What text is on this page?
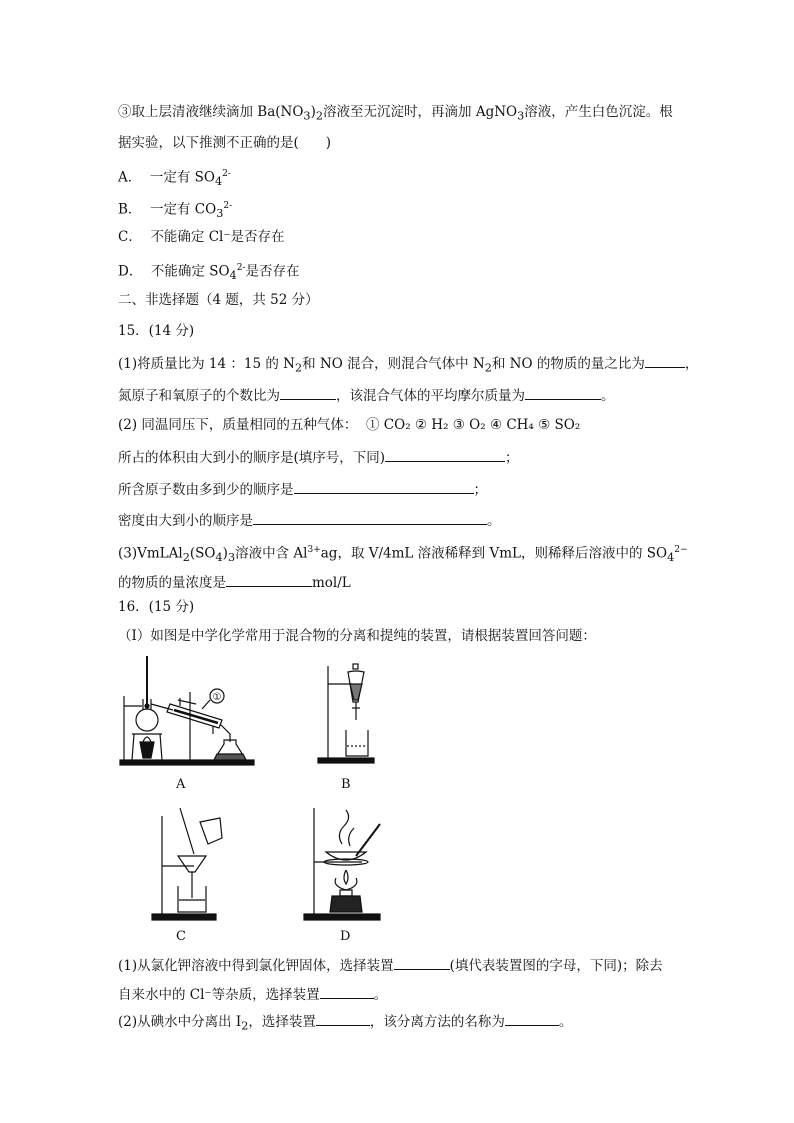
③取上层清液继续滴加 $Ba(NO_3)_2$溶液至无沉淀时，再滴加 AgNO$_3$溶液，产生白色沉淀。根
据实验，以下推测不正确的是(　　)
A． 一定有 $SO_4^{2-}$
B． 一定有 $CO_3^{2-}$
C． 不能确定 Cl⁻是否存在
D． 不能确定 $SO_4^{2-}$是否存在
二、非选择题（4 题，共 52 分）
15．(14 分)
(1)将质量比为 14 ：15 的 $N_2$和 NO 混合，则混合气体中 $N_2$和 NO 的物质的量之比为	，
氮原子和氧原子的个数比为	，该混合气体的平均摩尔质量为	。
(2) 同温同压下，质量相同的五种气体： ① CO₂ ② H₂ ③ O₂ ④ CH₄ ⑤ SO₂
所占的体积由大到小的顺序是(填序号，下同)	；
所含原子数由多到少的顺序是	；
密度由大到小的顺序是	。
$(3)VmLAl_2(SO_4)_3$溶液中含 $Al^{3+}ag$，取 V/4mL 溶液稀释到 VmL，则稀释后溶液中的 $SO_4^{2-}$
的物质的量浓度是	mol/L
16．(15 分)
（Ⅰ）如图是中学化学常用于混合物的分离和提纯的装置，请根据装置回答问题：
①
A	B
C	D
(1)从氯化钾溶液中得到氯化钾固体，选择装置	(填代表装置图的字母，下同)；除去
自来水中的 Cl⁻等杂质，选择装置	。
(2)从碘水中分离出 $I_2$，选择装置	，该分离方法的名称为	。
